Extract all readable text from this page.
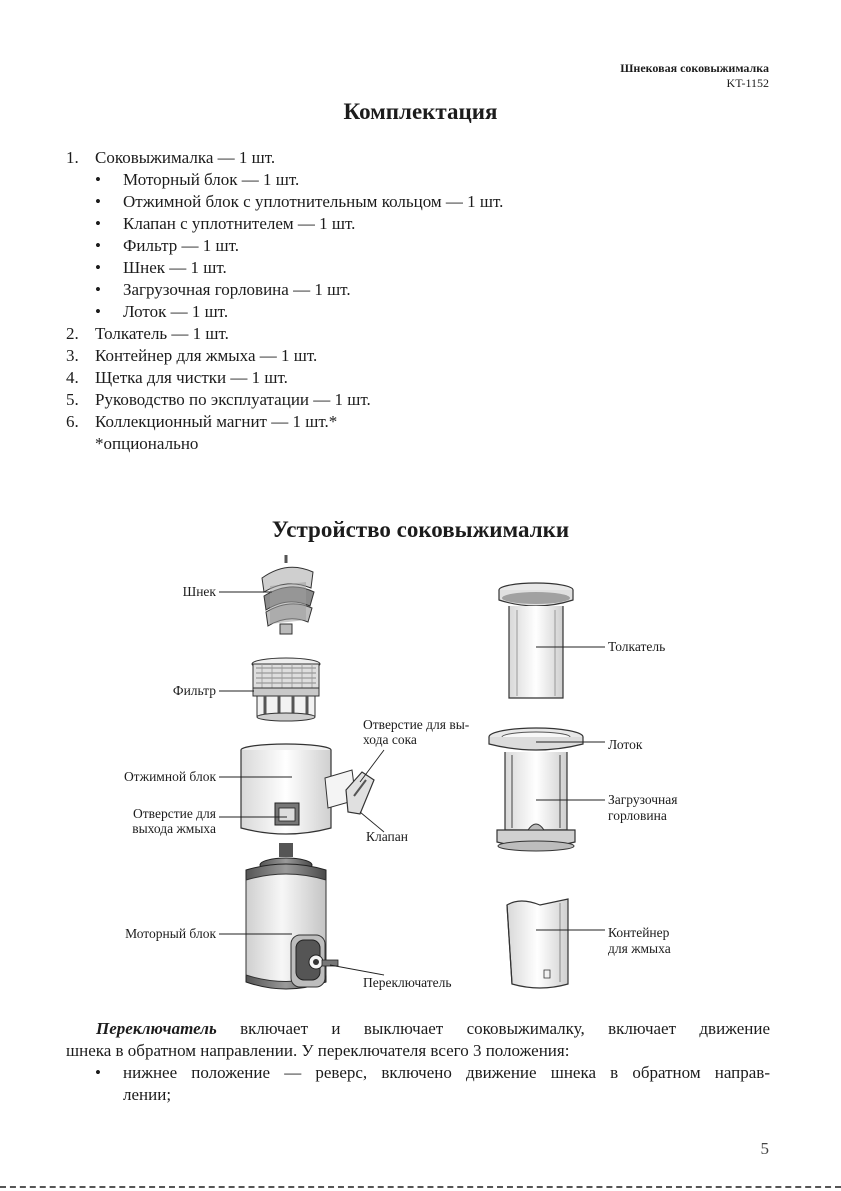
Шнековая соковыжималка
KT-1152
Комплектация
1. Соковыжималка — 1 шт.
• Моторный блок — 1 шт.
• Отжимной блок с уплотнительным кольцом — 1 шт.
• Клапан с уплотнителем — 1 шт.
• Фильтр — 1 шт.
• Шнек — 1 шт.
• Загрузочная горловина — 1 шт.
• Лоток — 1 шт.
2. Толкатель — 1 шт.
3. Контейнер для жмыха — 1 шт.
4. Щетка для чистки — 1 шт.
5. Руководство по эксплуатации — 1 шт.
6. Коллекционный магнит — 1 шт.*
*опционально
Устройство соковыжималки
Шнек
Фильтр
Отверстие для вы-
хода сока
Отжимной блок
Отверстие для
выхода жмыха
Клапан
Моторный блок
Переключатель
Толкатель
Лоток
Загрузочная
горловина
Контейнер
для жмыха
Переключатель включает и выключает соковыжималку, включает движение
шнека в обратном направлении. У переключателя всего 3 положения:
• нижнее положение — реверс, включено движение шнека в обратном направ-
лении;
5
